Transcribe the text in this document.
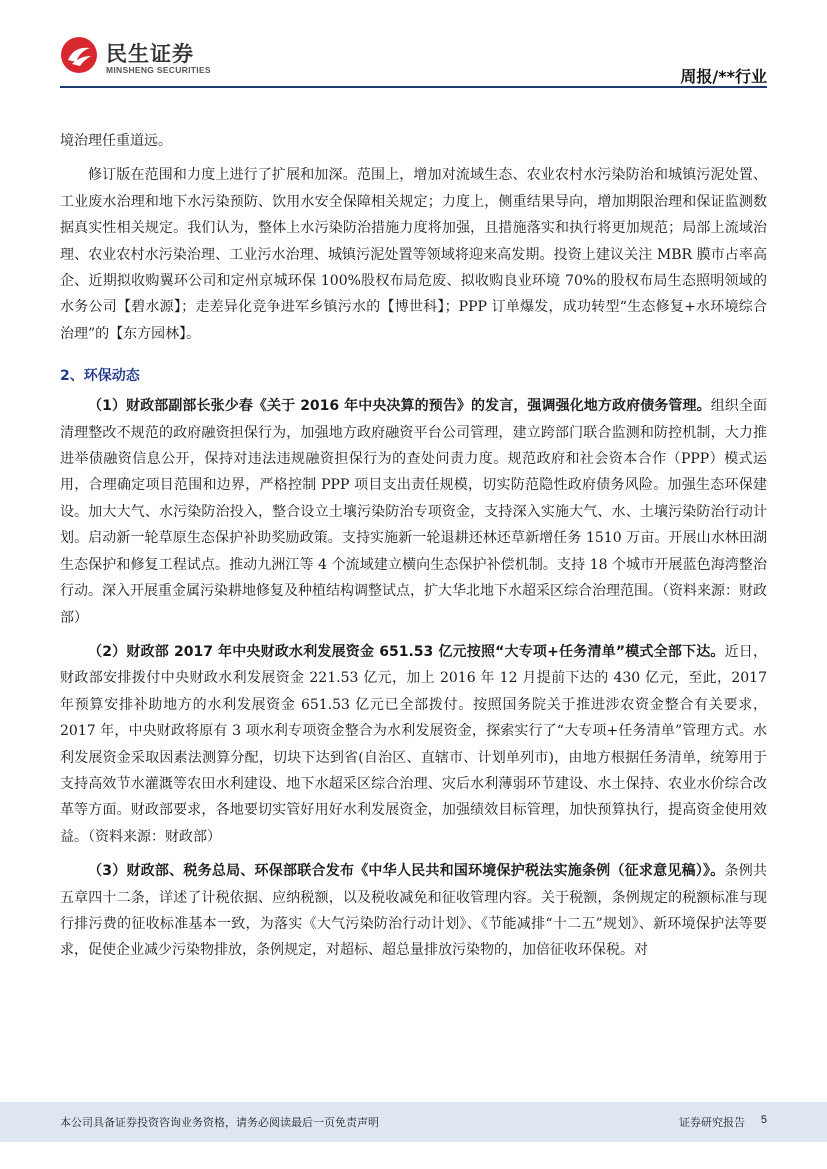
民生证券
MINSHENG SECURITIES	周报/**行业

境治理任重道远。

修订版在范围和力度上进行了扩展和加深。范围上，增加对流域生态、农业农村水污染防治和城镇污泥处置、工业废水治理和地下水污染预防、饮用水安全保障相关规定；力度上，侧重结果导向，增加期限治理和保证监测数据真实性相关规定。我们认为，整体上水污染防治措施力度将加强，且措施落实和执行将更加规范；局部上流域治理、农业农村水污染治理、工业污水治理、城镇污泥处置等领域将迎来高发期。投资上建议关注 MBR 膜市占率高企、近期拟收购翼环公司和定州京城环保 100%股权布局危废、拟收购良业环境 70%的股权布局生态照明领域的水务公司【碧水源】；走差异化竞争进军乡镇污水的【博世科】；PPP 订单爆发，成功转型“生态修复+水环境综合治理”的【东方园林】。

2、环保动态

（1）财政部副部长张少春《关于 2016 年中央决算的预告》的发言，强调强化地方政府债务管理。组织全面清理整改不规范的政府融资担保行为，加强地方政府融资平台公司管理，建立跨部门联合监测和防控机制，大力推进举债融资信息公开，保持对违法违规融资担保行为的查处问责力度。规范政府和社会资本合作（PPP）模式运用，合理确定项目范围和边界，严格控制 PPP 项目支出责任规模，切实防范隐性政府债务风险。加强生态环保建设。加大大气、水污染防治投入，整合设立土壤污染防治专项资金，支持深入实施大气、水、土壤污染防治行动计划。启动新一轮草原生态保护补助奖励政策。支持实施新一轮退耕还林还草新增任务 1510 万亩。开展山水林田湖生态保护和修复工程试点。推动九洲江等 4 个流域建立横向生态保护补偿机制。支持 18 个城市开展蓝色海湾整治行动。深入开展重金属污染耕地修复及种植结构调整试点，扩大华北地下水超采区综合治理范围。（资料来源：财政部）

（2）财政部 2017 年中央财政水利发展资金 651.53 亿元按照“大专项+任务清单”模式全部下达。近日，财政部安排拨付中央财政水利发展资金 221.53 亿元，加上 2016 年 12 月提前下达的 430 亿元，至此，2017 年预算安排补助地方的水利发展资金 651.53 亿元已全部拨付。按照国务院关于推进涉农资金整合有关要求，2017 年，中央财政将原有 3 项水利专项资金整合为水利发展资金，探索实行了“大专项+任务清单”管理方式。水利发展资金采取因素法测算分配，切块下达到省(自治区、直辖市、计划单列市)，由地方根据任务清单，统筹用于支持高效节水灌溉等农田水利建设、地下水超采区综合治理、灾后水利薄弱环节建设、水土保持、农业水价综合改革等方面。财政部要求，各地要切实管好用好水利发展资金，加强绩效目标管理，加快预算执行，提高资金使用效益。（资料来源：财政部）

（3）财政部、税务总局、环保部联合发布《中华人民共和国环境保护税法实施条例（征求意见稿）》。条例共五章四十二条，详述了计税依据、应纳税额，以及税收减免和征收管理内容。关于税额，条例规定的税额标准与现行排污费的征收标准基本一致，为落实《大气污染防治行动计划》、《节能减排“十二五”规划》、新环境保护法等要求，促使企业减少污染物排放，条例规定，对超标、超总量排放污染物的，加倍征收环保税。对

本公司具备证券投资咨询业务资格，请务必阅读最后一页免责声明	证券研究报告 5
